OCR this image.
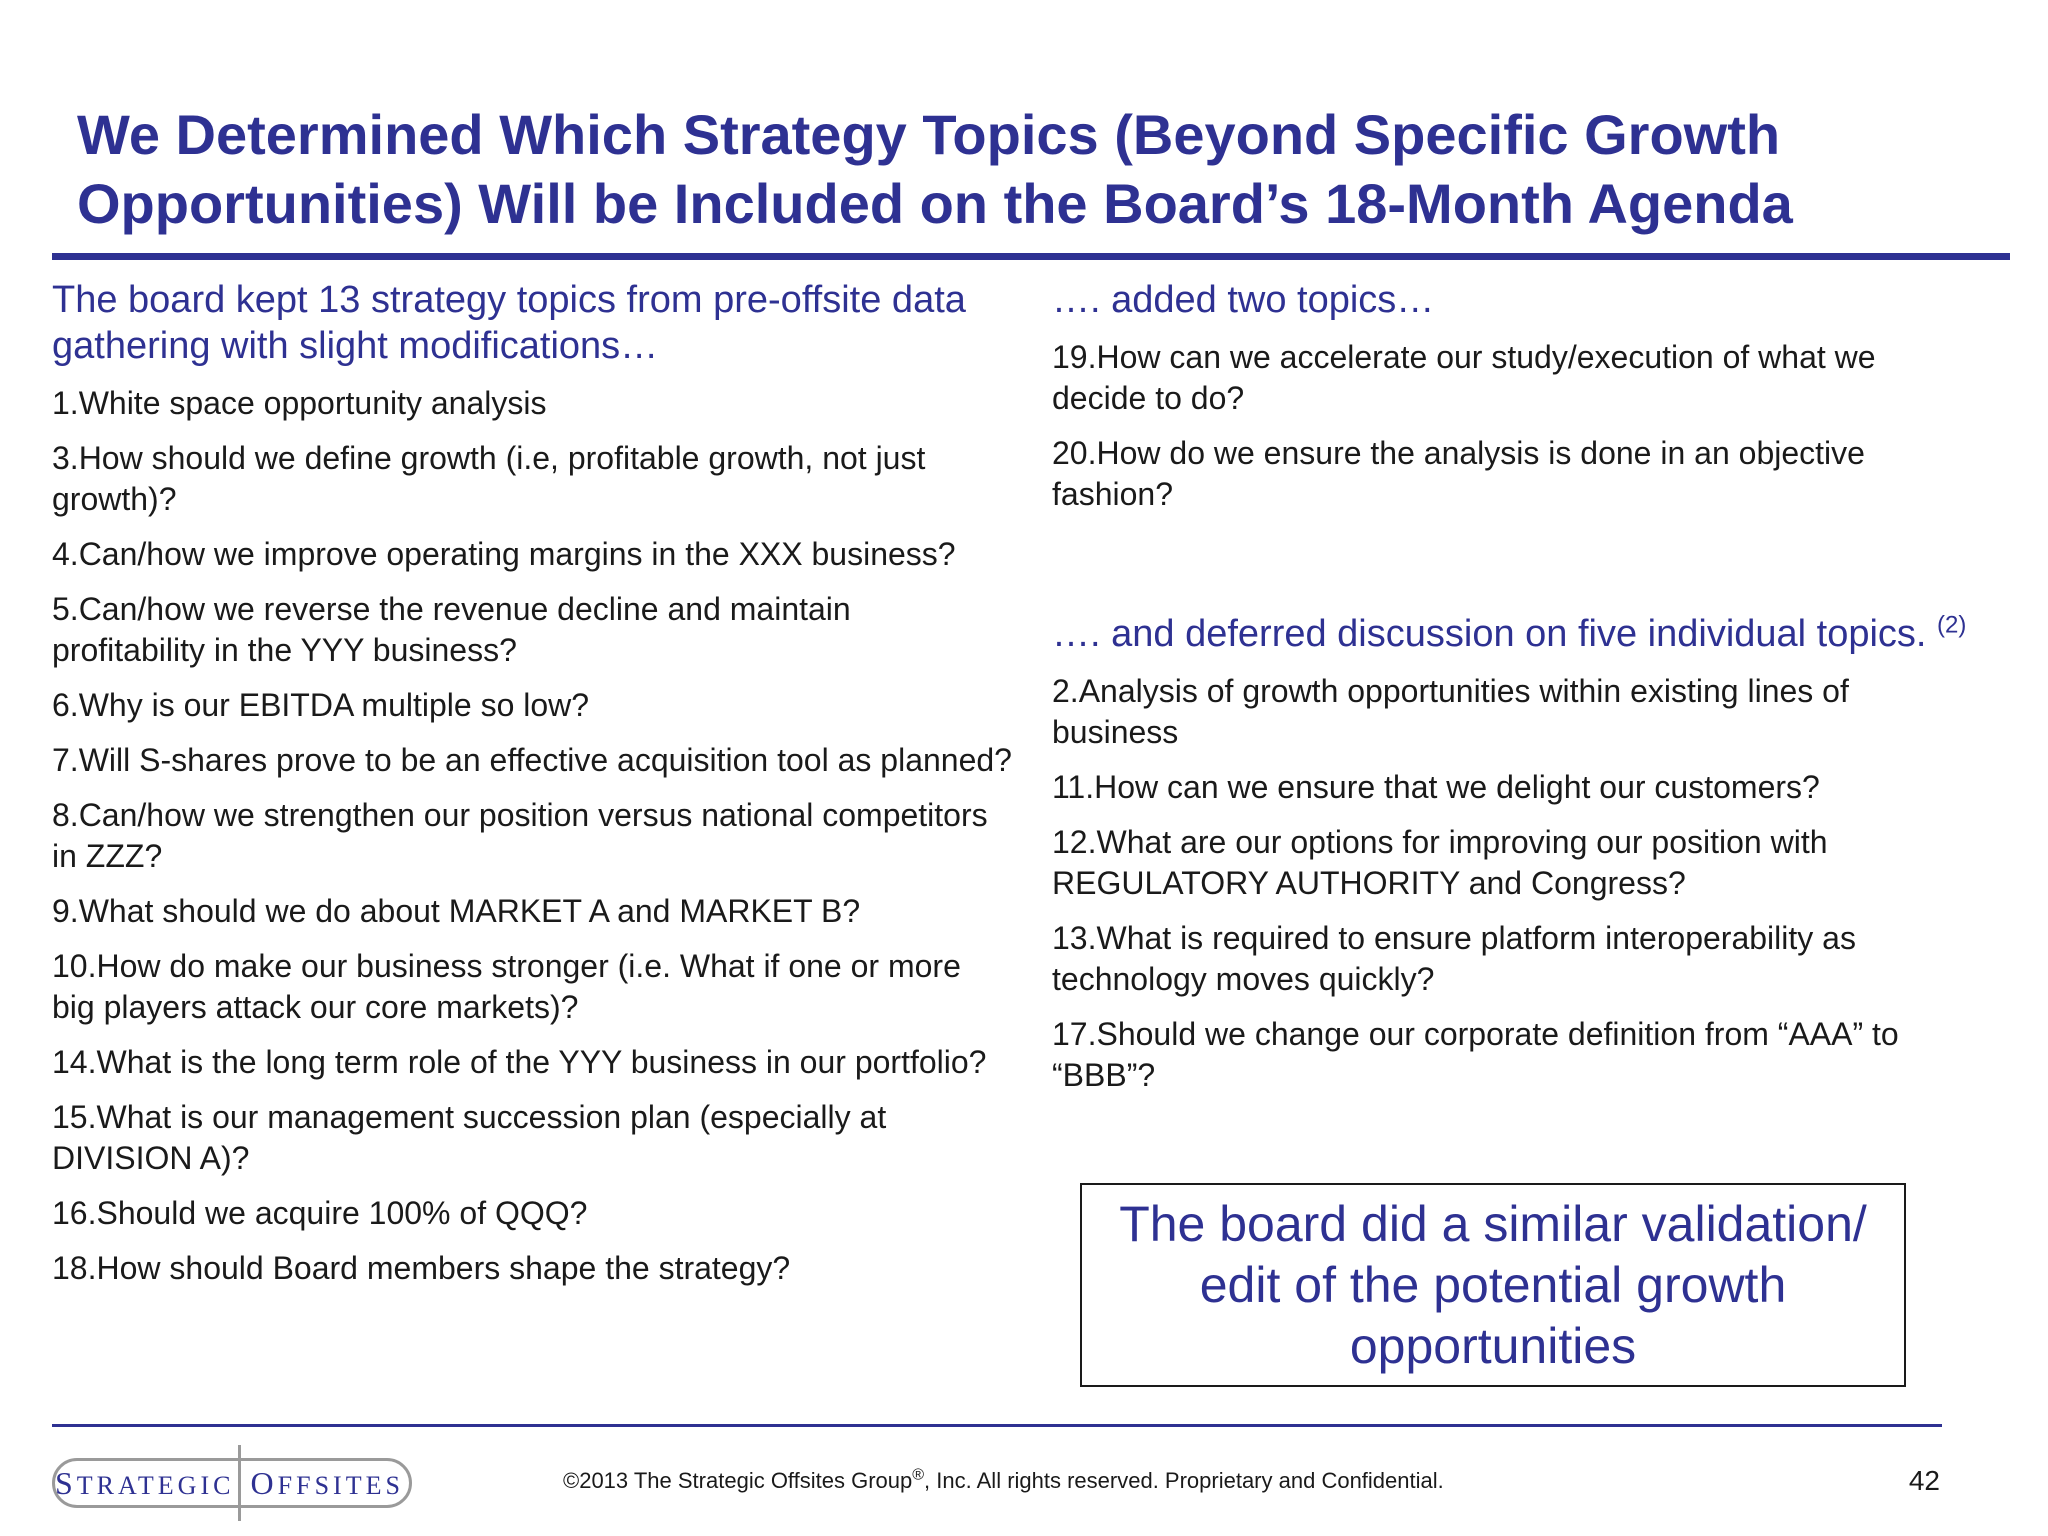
We Determined Which Strategy Topics (Beyond Specific Growth Opportunities) Will be Included on the Board’s 18-Month Agenda

The board kept 13 strategy topics from pre-offsite data gathering with slight modifications…

1.White space opportunity analysis

3.How should we define growth (i.e, profitable growth, not just growth)?

4.Can/how we improve operating margins in the XXX business?

5.Can/how we reverse the revenue decline and maintain profitability in the YYY business?

6.Why is our EBITDA multiple so low?

7.Will S-shares prove to be an effective acquisition tool as planned?

8.Can/how we strengthen our position versus national competitors in ZZZ?

9.What should we do about MARKET A and MARKET B?

10.How do make our business stronger (i.e. What if one or more big players attack our core markets)?

14.What is the long term role of the YYY business in our portfolio?

15.What is our management succession plan (especially at DIVISION A)?

16.Should we acquire 100% of QQQ?

18.How should Board members shape the strategy?

…. added two topics…

19.How can we accelerate our study/execution of what we decide to do?

20.How do we ensure the analysis is done in an objective fashion?

…. and deferred discussion on five individual topics. $^{(2)}$

2.Analysis of growth opportunities within existing lines of business

11.How can we ensure that we delight our customers?

12.What are our options for improving our position with REGULATORY AUTHORITY and Congress?

13.What is required to ensure platform interoperability as technology moves quickly?

17.Should we change our corporate definition from “AAA” to “BBB”?

The board did a similar validation/ edit of the potential growth opportunities
STRATEGIC OFFSITES	©2013 The Strategic Offsites Group®, Inc. All rights reserved. Proprietary and Confidential.	42
